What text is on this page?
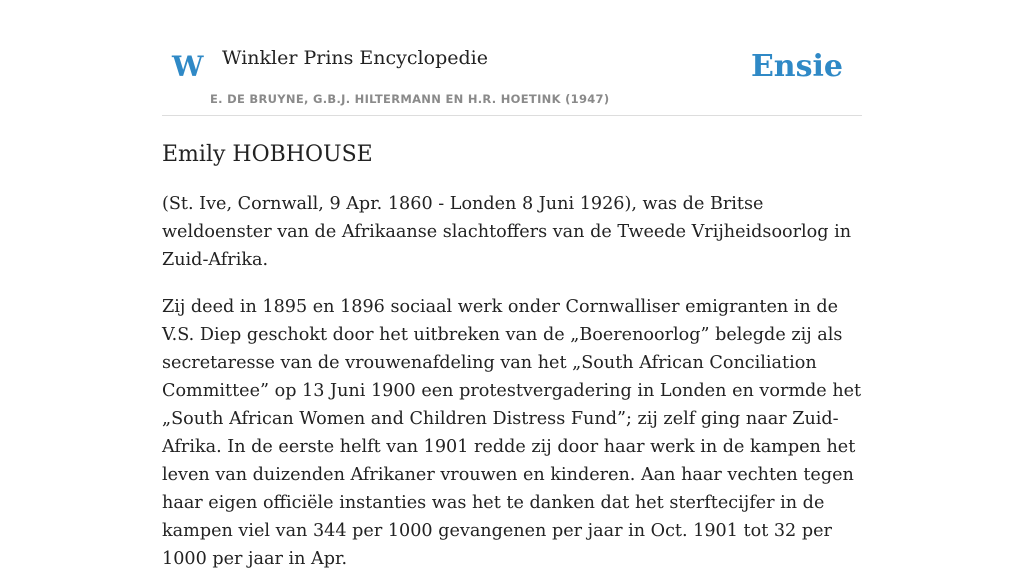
W Winkler Prins Encyclopedie
E. DE BRUYNE, G.B.J. HILTERMANN EN H.R. HOETINK (1947)
Ensie
Emily HOBHOUSE

(St. Ive, Cornwall, 9 Apr. 1860 - Londen 8 Juni 1926), was de Britse weldoenster van de Afrikaanse slachtoffers van de Tweede Vrijheidsoorlog in Zuid-Afrika.

Zij deed in 1895 en 1896 sociaal werk onder Cornwalliser emigranten in de V.S. Diep geschokt door het uitbreken van de „Boerenoorlog” belegde zij als secretaresse van de vrouwenafdeling van het „South African Conciliation Committee” op 13 Juni 1900 een protestvergadering in Londen en vormde het „South African Women and Children Distress Fund”; zij zelf ging naar Zuid-Afrika. In de eerste helft van 1901 redde zij door haar werk in de kampen het leven van duizenden Afrikaner vrouwen en kinderen. Aan haar vechten tegen haar eigen officiële instanties was het te danken dat het sterftecijfer in de kampen viel van 344 per 1000 gevangenen per jaar in Oct. 1901 tot 32 per 1000 per jaar in Apr.
